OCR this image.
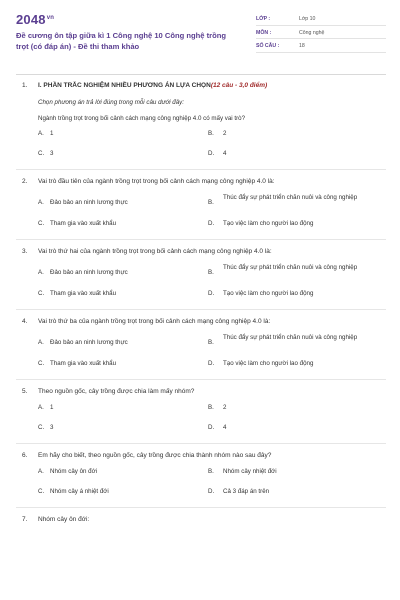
$2048^{vn}$
Đề cương ôn tập giữa kì 1 Công nghệ 10 Công nghệ trồng trọt (có đáp án) - Đề thi tham khảo
LỚP :	Lớp 10
MÔN :	Công nghệ
SỐ CÂU :	18
1. I. PHẦN TRẮC NGHIỆM NHIỀU PHƯƠNG ÁN LỰA CHỌN(12 câu - 3,0 điểm)
Chọn phương án trả lời đúng trong mỗi câu dưới đây:
Ngành trồng trọt trong bối cảnh cách mạng công nghiệp 4.0 có mấy vai trò?
A. 1	B. 2
C. 3	D. 4
2. Vai trò đầu tiên của ngành trồng trọt trong bối cảnh cách mạng công nghiệp 4.0 là:
A. Đảo bảo an ninh lương thực	B.
Thúc đẩy sự phát triển chăn nuôi và công nghiệp
C. Tham gia vào xuất khẩu	D. Tạo việc làm cho người lao động
3. Vai trò thứ hai của ngành trồng trọt trong bối cảnh cách mạng công nghiệp 4.0 là:
A. Đảo bảo an ninh lương thực	B.
Thúc đẩy sự phát triển chăn nuôi và công nghiệp
C. Tham gia vào xuất khẩu	D. Tạo việc làm cho người lao động
4. Vai trò thứ ba của ngành trồng trọt trong bối cảnh cách mạng công nghiệp 4.0 là:
A. Đảo bảo an ninh lương thực	B.
Thúc đẩy sự phát triển chăn nuôi và công nghiệp
C. Tham gia vào xuất khẩu	D. Tạo việc làm cho người lao động
5. Theo nguồn gốc, cây trồng được chia làm mấy nhóm?
A. 1	B. 2
C. 3	D. 4
6. Em hãy cho biết, theo nguồn gốc, cây trồng được chia thành nhóm nào sau đây?
A. Nhóm cây ôn đới	B. Nhóm cây nhiệt đới
C. Nhóm cây á nhiệt đới	D. Cả 3 đáp án trên
7. Nhóm cây ôn đới:
